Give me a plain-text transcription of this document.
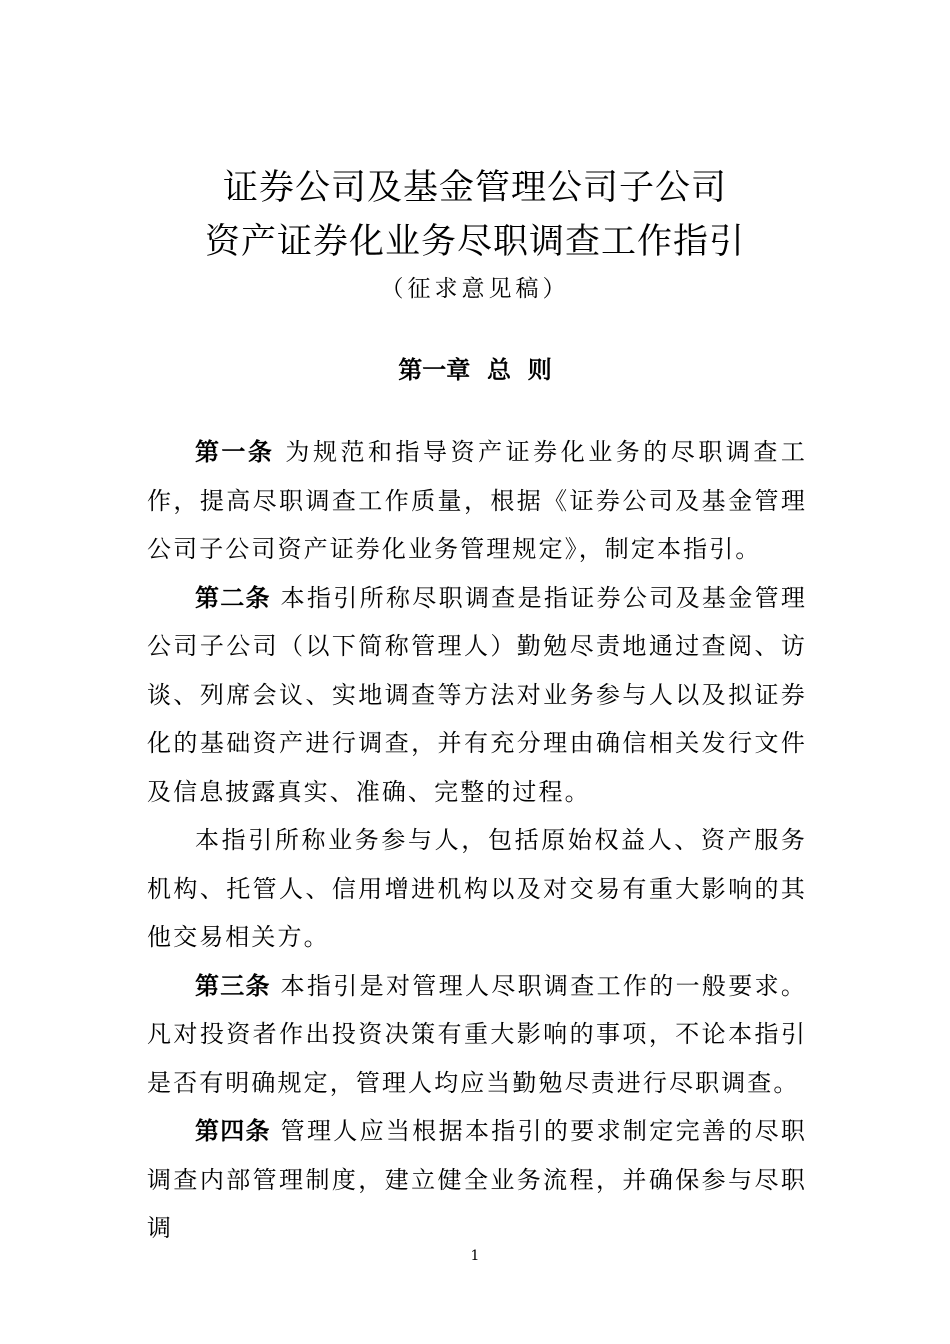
证券公司及基金管理公司子公司
资产证券化业务尽职调查工作指引
（征求意见稿）
第一章  总  则

第一条 为规范和指导资产证券化业务的尽职调查工作，提高尽职调查工作质量，根据《证券公司及基金管理公司子公司资产证券化业务管理规定》，制定本指引。

第二条 本指引所称尽职调查是指证券公司及基金管理公司子公司（以下简称管理人）勤勉尽责地通过查阅、访谈、列席会议、实地调查等方法对业务参与人以及拟证券化的基础资产进行调查，并有充分理由确信相关发行文件及信息披露真实、准确、完整的过程。

本指引所称业务参与人，包括原始权益人、资产服务机构、托管人、信用增进机构以及对交易有重大影响的其他交易相关方。

第三条 本指引是对管理人尽职调查工作的一般要求。凡对投资者作出投资决策有重大影响的事项，不论本指引是否有明确规定，管理人均应当勤勉尽责进行尽职调查。

第四条 管理人应当根据本指引的要求制定完善的尽职调查内部管理制度，建立健全业务流程，并确保参与尽职调

1
